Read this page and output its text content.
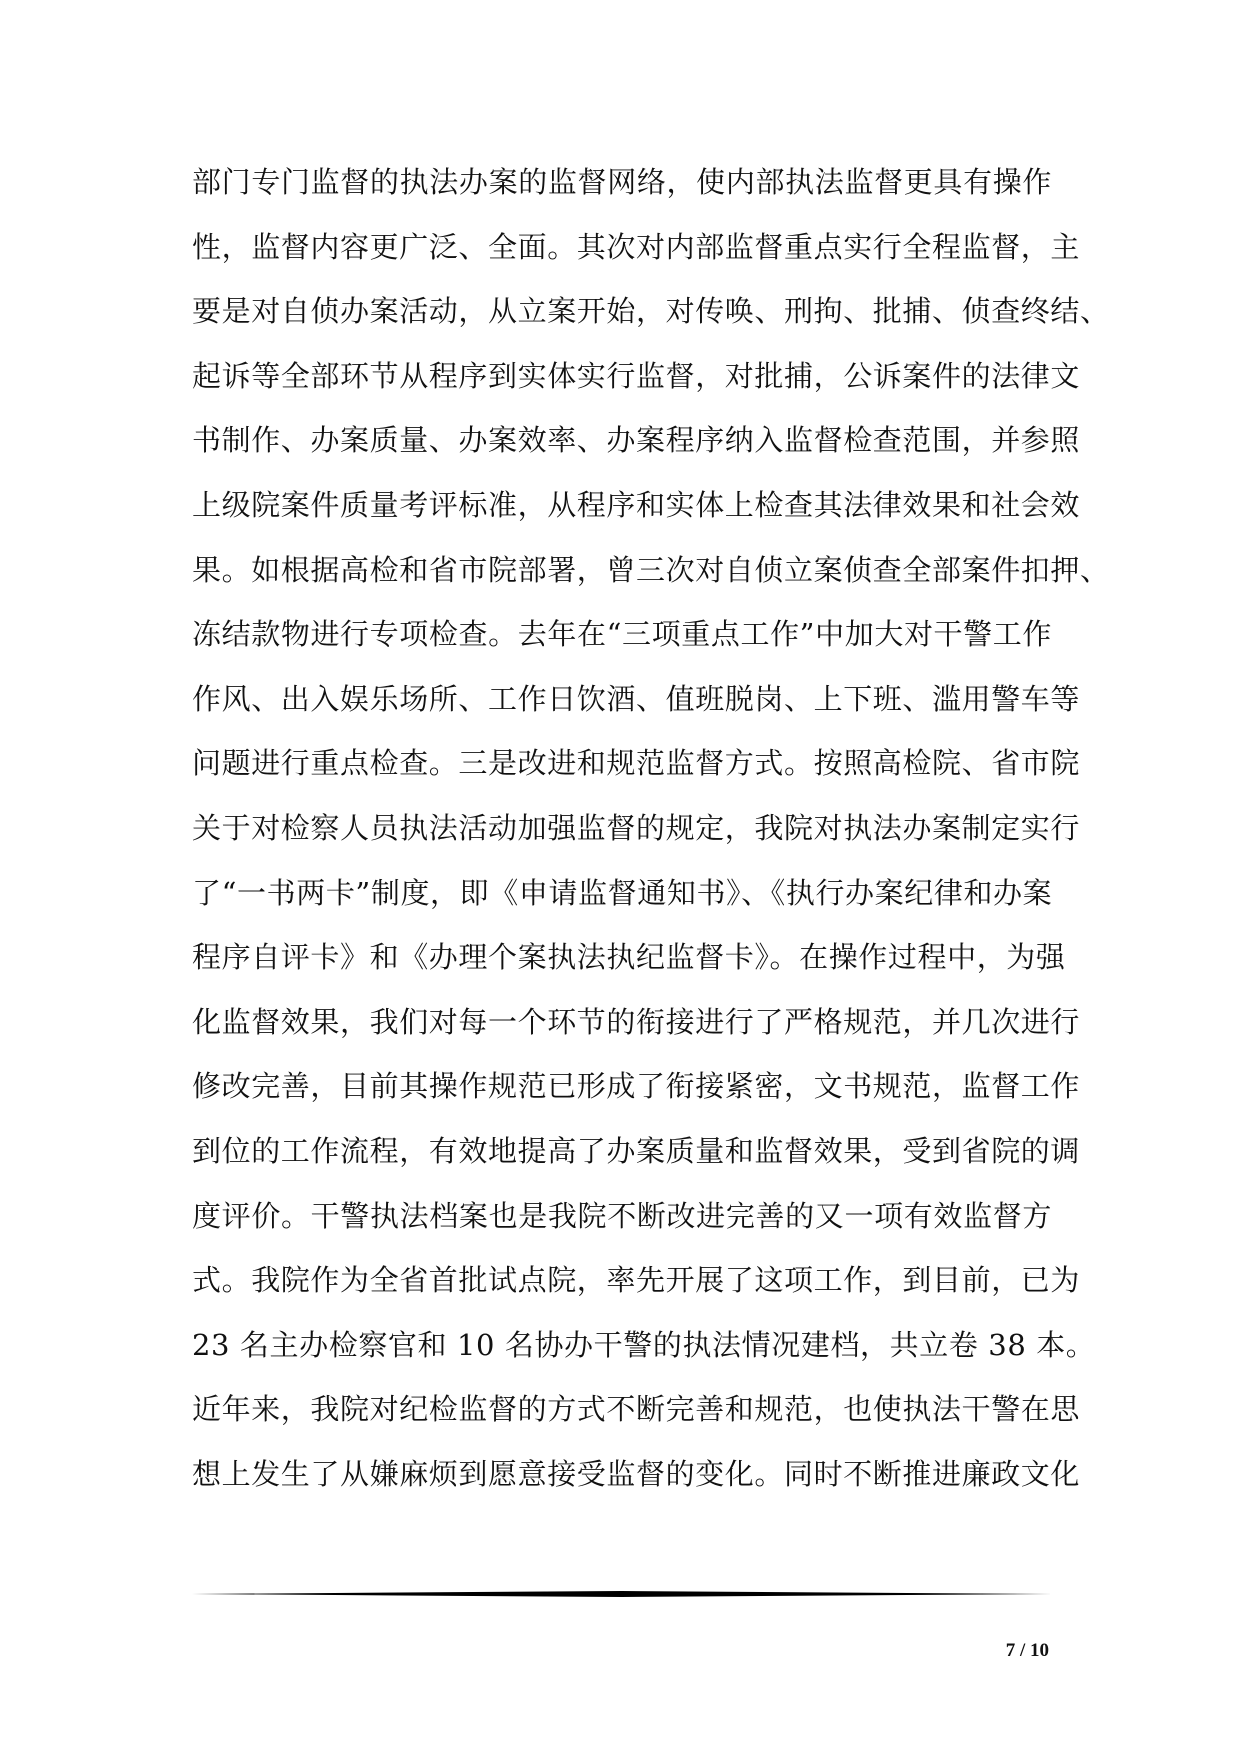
部门专门监督的执法办案的监督网络，使内部执法监督更具有操作
性，监督内容更广泛、全面。其次对内部监督重点实行全程监督，主
要是对自侦办案活动，从立案开始，对传唤、刑拘、批捕、侦查终结、
起诉等全部环节从程序到实体实行监督，对批捕，公诉案件的法律文
书制作、办案质量、办案效率、办案程序纳入监督检查范围，并参照
上级院案件质量考评标准，从程序和实体上检查其法律效果和社会效
果。如根据高检和省市院部署，曾三次对自侦立案侦查全部案件扣押、
冻结款物进行专项检查。去年在“三项重点工作”中加大对干警工作
作风、出入娱乐场所、工作日饮酒、值班脱岗、上下班、滥用警车等
问题进行重点检查。三是改进和规范监督方式。按照高检院、省市院
关于对检察人员执法活动加强监督的规定，我院对执法办案制定实行
了“一书两卡”制度，即《申请监督通知书》、《执行办案纪律和办案
程序自评卡》和《办理个案执法执纪监督卡》。在操作过程中，为强
化监督效果，我们对每一个环节的衔接进行了严格规范，并几次进行
修改完善，目前其操作规范已形成了衔接紧密，文书规范，监督工作
到位的工作流程，有效地提高了办案质量和监督效果，受到省院的调
度评价。干警执法档案也是我院不断改进完善的又一项有效监督方
式。我院作为全省首批试点院，率先开展了这项工作，到目前，已为
23 名主办检察官和 10 名协办干警的执法情况建档，共立卷 38 本。
近年来，我院对纪检监督的方式不断完善和规范，也使执法干警在思
想上发生了从嫌麻烦到愿意接受监督的变化。同时不断推进廉政文化
7 / 10
